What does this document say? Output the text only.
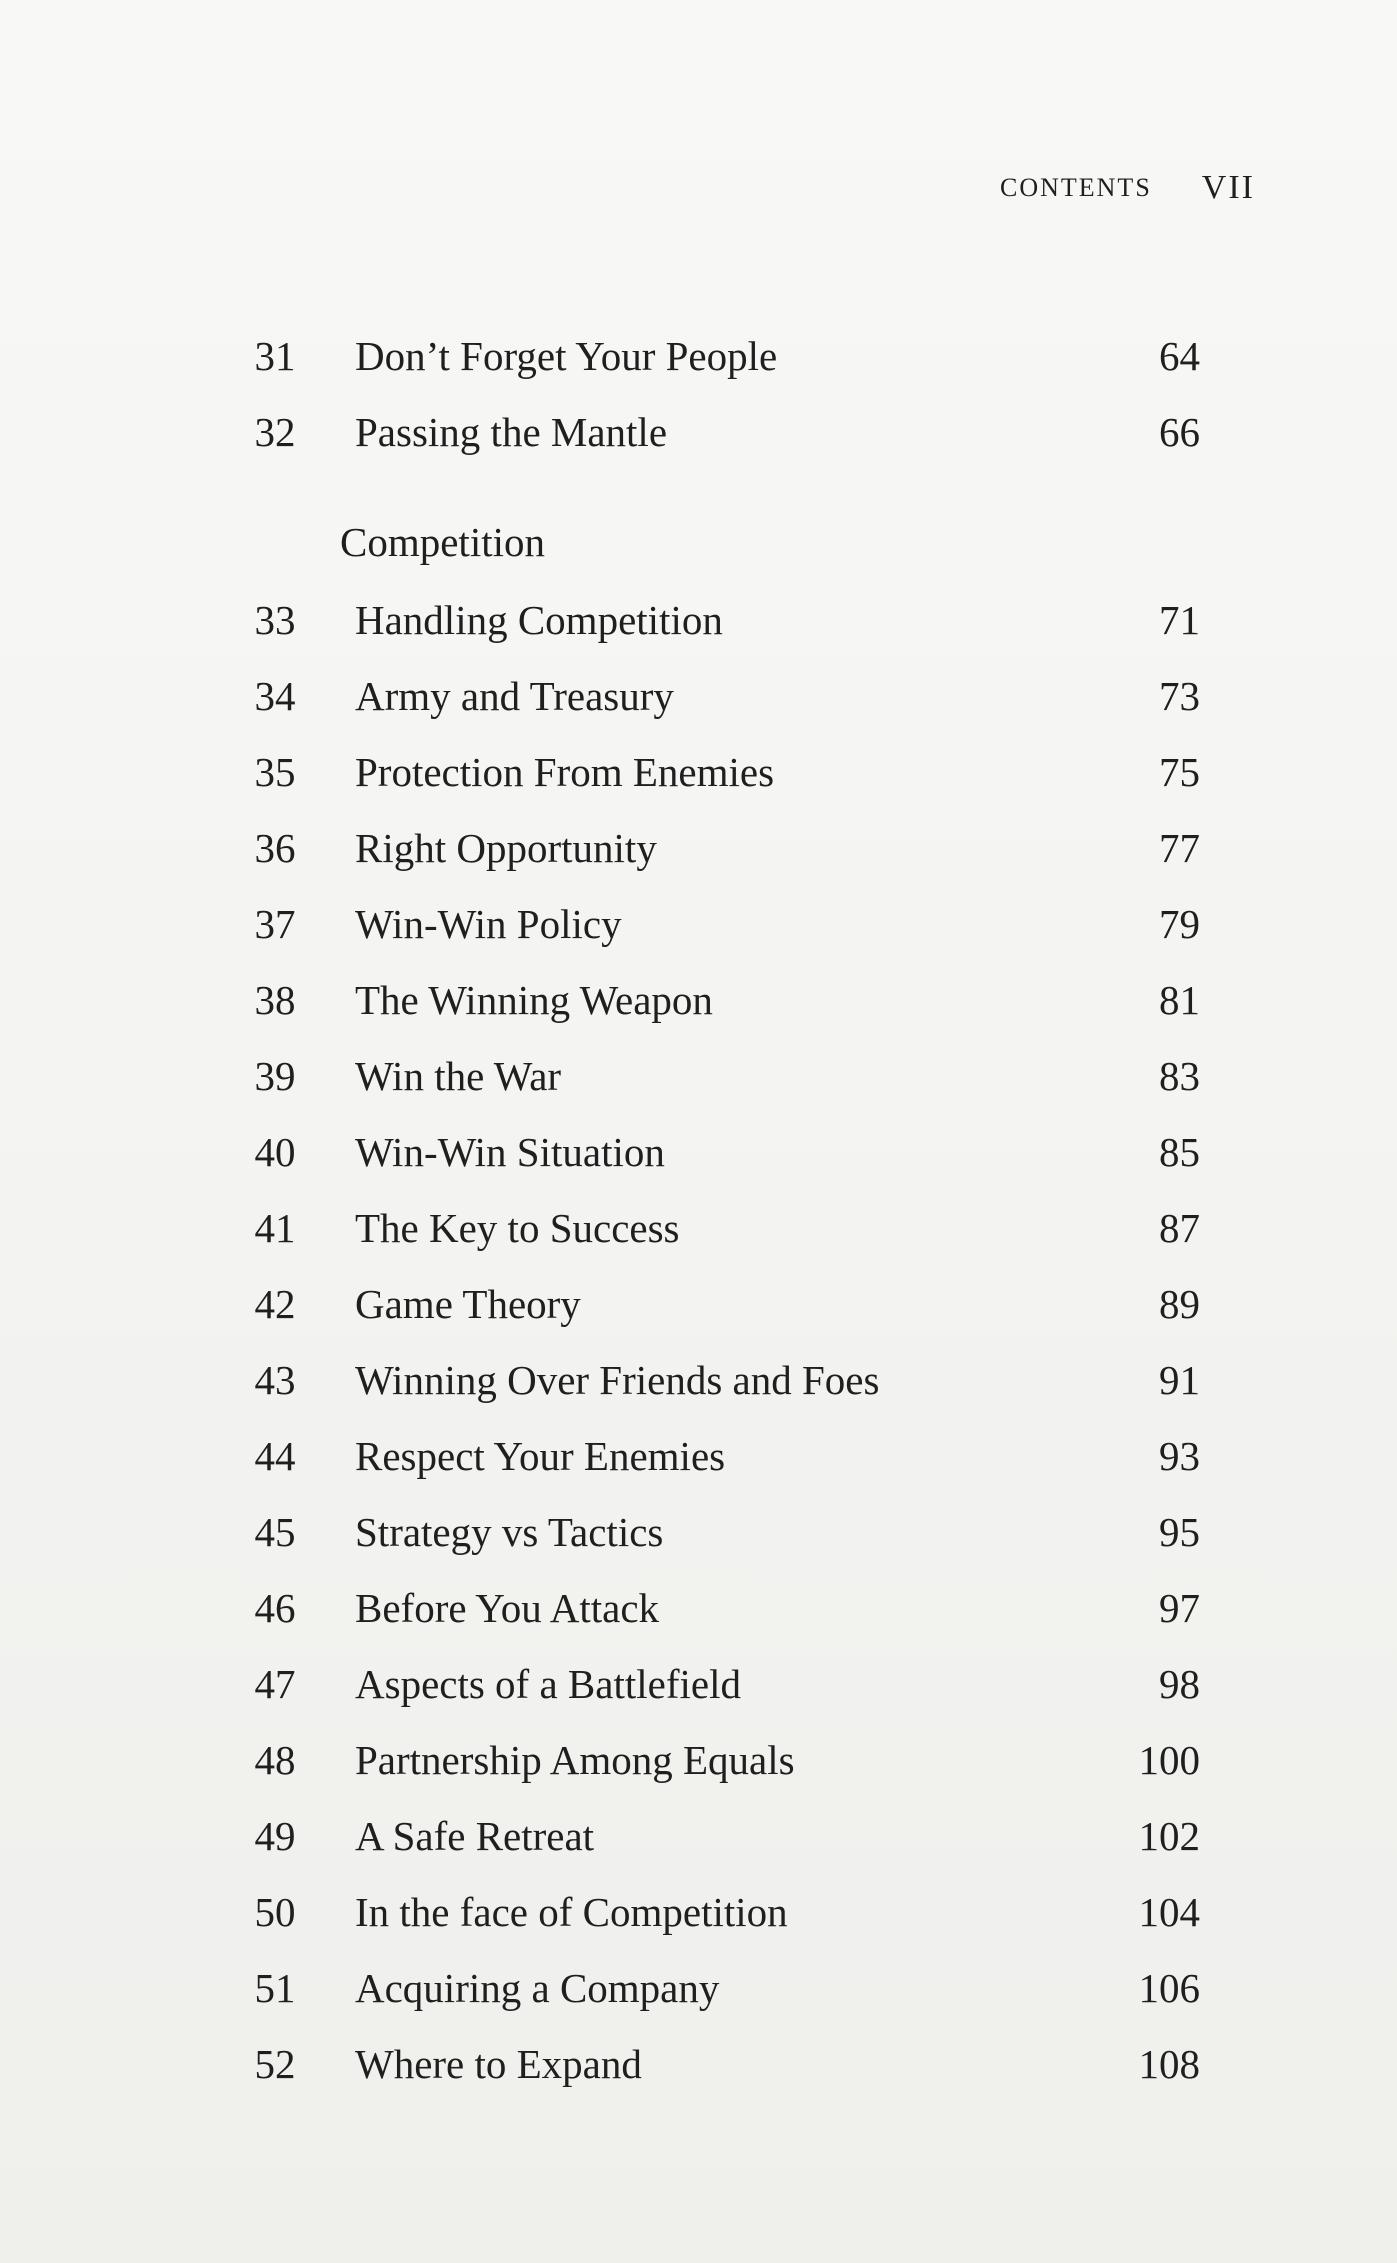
CONTENTS VII
31	Don’t Forget Your People	64
32	Passing the Mantle	66
Competition
33	Handling Competition	71
34	Army and Treasury	73
35	Protection From Enemies	75
36	Right Opportunity	77
37	Win-Win Policy	79
38	The Winning Weapon	81
39	Win the War	83
40	Win-Win Situation	85
41	The Key to Success	87
42	Game Theory	89
43	Winning Over Friends and Foes	91
44	Respect Your Enemies	93
45	Strategy vs Tactics	95
46	Before You Attack	97
47	Aspects of a Battlefield	98
48	Partnership Among Equals	100
49	A Safe Retreat	102
50	In the face of Competition	104
51	Acquiring a Company	106
52	Where to Expand	108
